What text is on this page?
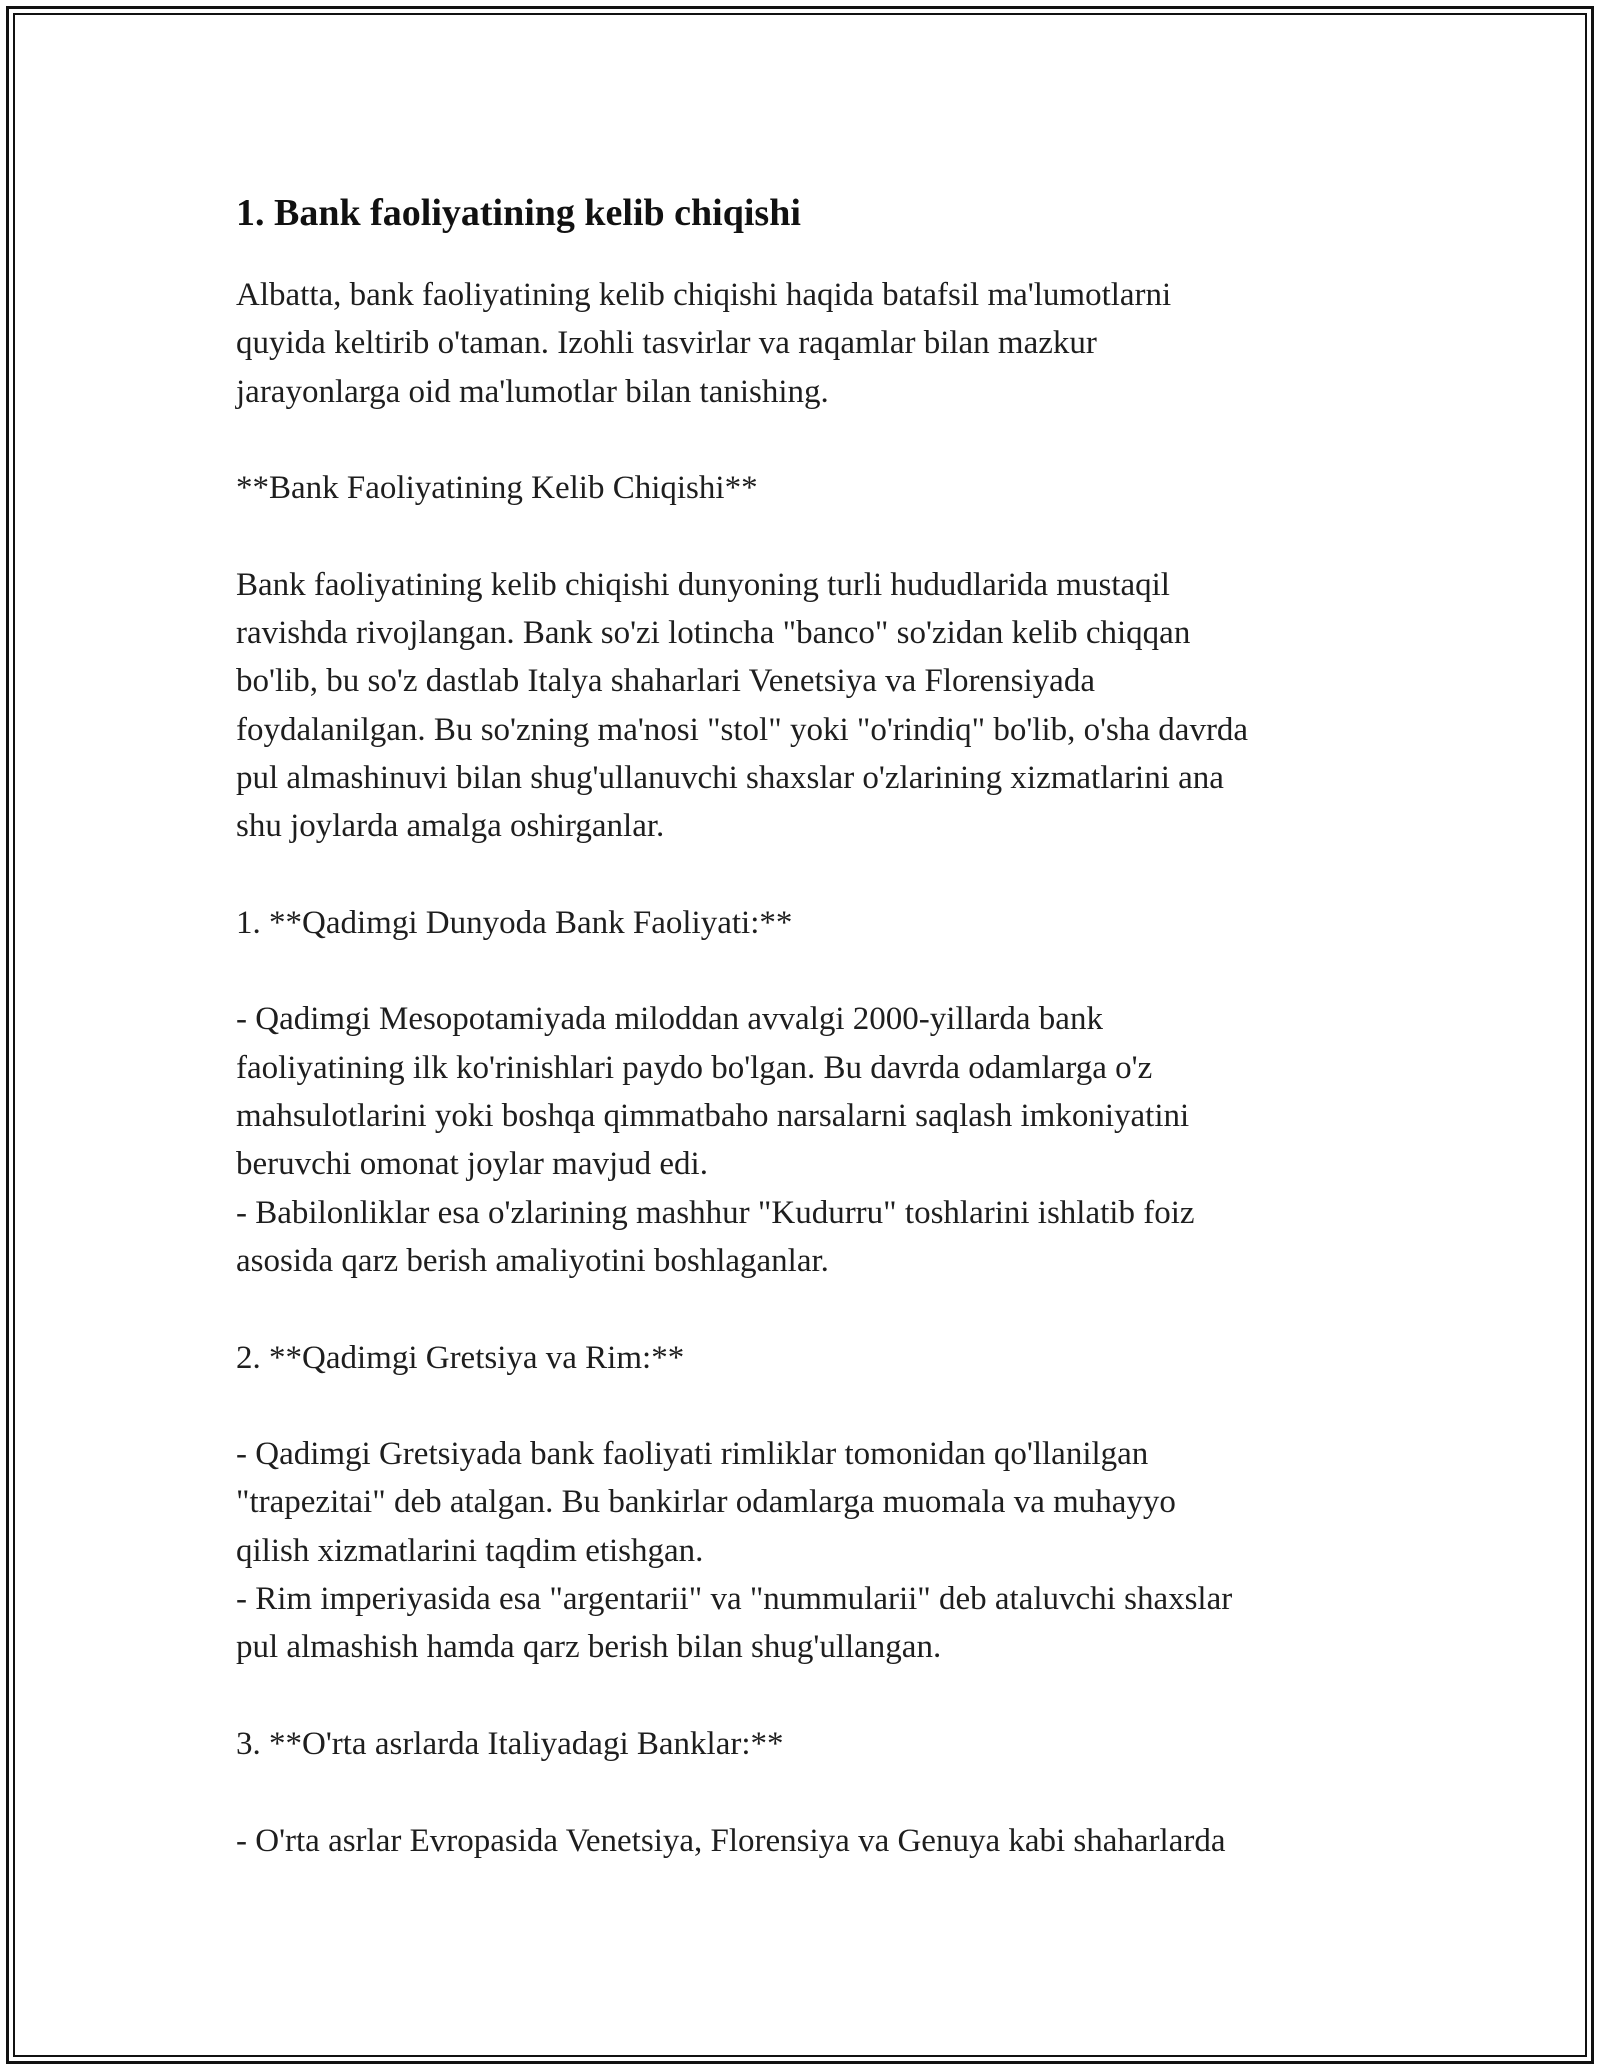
1. Bank faoliyatining kelib chiqishi

Albatta, bank faoliyatining kelib chiqishi haqida batafsil ma'lumotlarni
quyida keltirib o'taman. Izohli tasvirlar va raqamlar bilan mazkur
jarayonlarga oid ma'lumotlar bilan tanishing.

**Bank Faoliyatining Kelib Chiqishi**

Bank faoliyatining kelib chiqishi dunyoning turli hududlarida mustaqil
ravishda rivojlangan. Bank so'zi lotincha "banco" so'zidan kelib chiqqan
bo'lib, bu so'z dastlab Italya shaharlari Venetsiya va Florensiyada
foydalanilgan. Bu so'zning ma'nosi "stol" yoki "o'rindiq" bo'lib, o'sha davrda
pul almashinuvi bilan shug'ullanuvchi shaxslar o'zlarining xizmatlarini ana
shu joylarda amalga oshirganlar.

1. **Qadimgi Dunyoda Bank Faoliyati:**

- Qadimgi Mesopotamiyada miloddan avvalgi 2000-yillarda bank
faoliyatining ilk ko'rinishlari paydo bo'lgan. Bu davrda odamlarga o'z
mahsulotlarini yoki boshqa qimmatbaho narsalarni saqlash imkoniyatini
beruvchi omonat joylar mavjud edi.
- Babilonliklar esa o'zlarining mashhur "Kudurru" toshlarini ishlatib foiz
asosida qarz berish amaliyotini boshlaganlar.

2. **Qadimgi Gretsiya va Rim:**

- Qadimgi Gretsiyada bank faoliyati rimliklar tomonidan qo'llanilgan
"trapezitai" deb atalgan. Bu bankirlar odamlarga muomala va muhayyo
qilish xizmatlarini taqdim etishgan.
- Rim imperiyasida esa "argentarii" va "nummularii" deb ataluvchi shaxslar
pul almashish hamda qarz berish bilan shug'ullangan.

3. **O'rta asrlarda Italiyadagi Banklar:**

- O'rta asrlar Evropasida Venetsiya, Florensiya va Genuya kabi shaharlarda
